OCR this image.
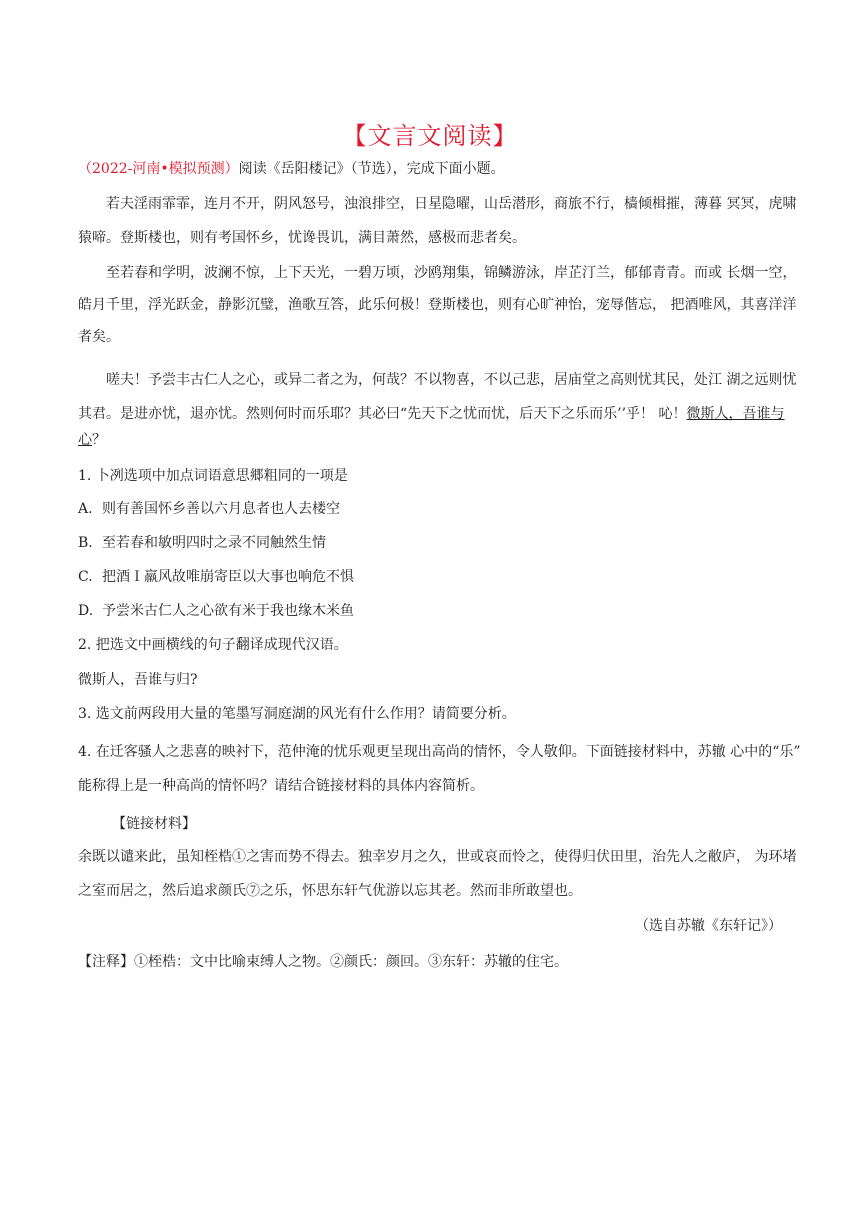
【文言文阅读】
（2022-河南•模拟预测）阅读《岳阳楼记》（节选），完成下面小题。
若夫淫雨霏霏，连月不开，阴风怒号，浊浪排空，日星隐曜，山岳潜形，商旅不行，樯倾楫摧，薄暮 冥冥，虎啸
猿啼。登斯楼也，则有考国怀乡，忧谗畏讥，满目萧然，感极而悲者矣。
至若春和学明，波澜不惊，上下天光，一碧万顷，沙鸥翔集，锦鳞游泳，岸芷汀兰，郁郁青青。而或 长烟一空，
皓月千里，浮光跃金，静影沉璧，渔歌互答，此乐何极！登斯楼也，则有心旷神怡，宠辱偕忘， 把酒唯风，其喜洋洋
者矣。
嗟夫！予尝丰古仁人之心，或异二者之为，何哉？不以物喜，不以己悲，居庙堂之高则忧其民，处江 湖之远则忧
其君。是进亦忧，退亦忧。然则何时而乐耶？其必曰“先天下之忧而忧，后天下之乐而乐’’乎！ 吣！微斯人，吾谁与
心？
1. 卜冽选项中加点词语意思郷粗同的一项是
A. 则有善国怀乡善以六月息者也人去楼空
B. 至若春和敏明四时之录不同触然生情
C. 把酒Ｉ羸风故唯崩寄臣以大事也响危不惧
D. 予尝米古仁人之心欲有米于我也缘木米鱼
2. 把选文中画横线的句子翻译成现代汉语。
微斯人，吾谁与归?
3. 选文前两段用大量的笔墨写洞庭湖的风光有什么作用？请简要分析。
4. 在迁客骚人之悲喜的映衬下，范仲淹的忧乐观更呈现出高尚的情怀，令人敬仰。下面链接材料中，苏辙 心中的“乐”
能称得上是一种高尚的情怀吗？请结合链接材料的具体内容简析。
【链接材料】
余既以谴来此，虽知桎梏①之害而势不得去。独幸岁月之久，世或哀而怜之，使得归伏田里，治先人之敝庐， 为环堵
之室而居之，然后追求颜氏⑦之乐，怀思东轩气优游以忘其老。然而非所敢望也。
（选自苏辙《东轩记》）
【注释】①桎梏：文中比喻束缚人之物。②颜氏：颜回。③东轩：苏辙的住宅。
